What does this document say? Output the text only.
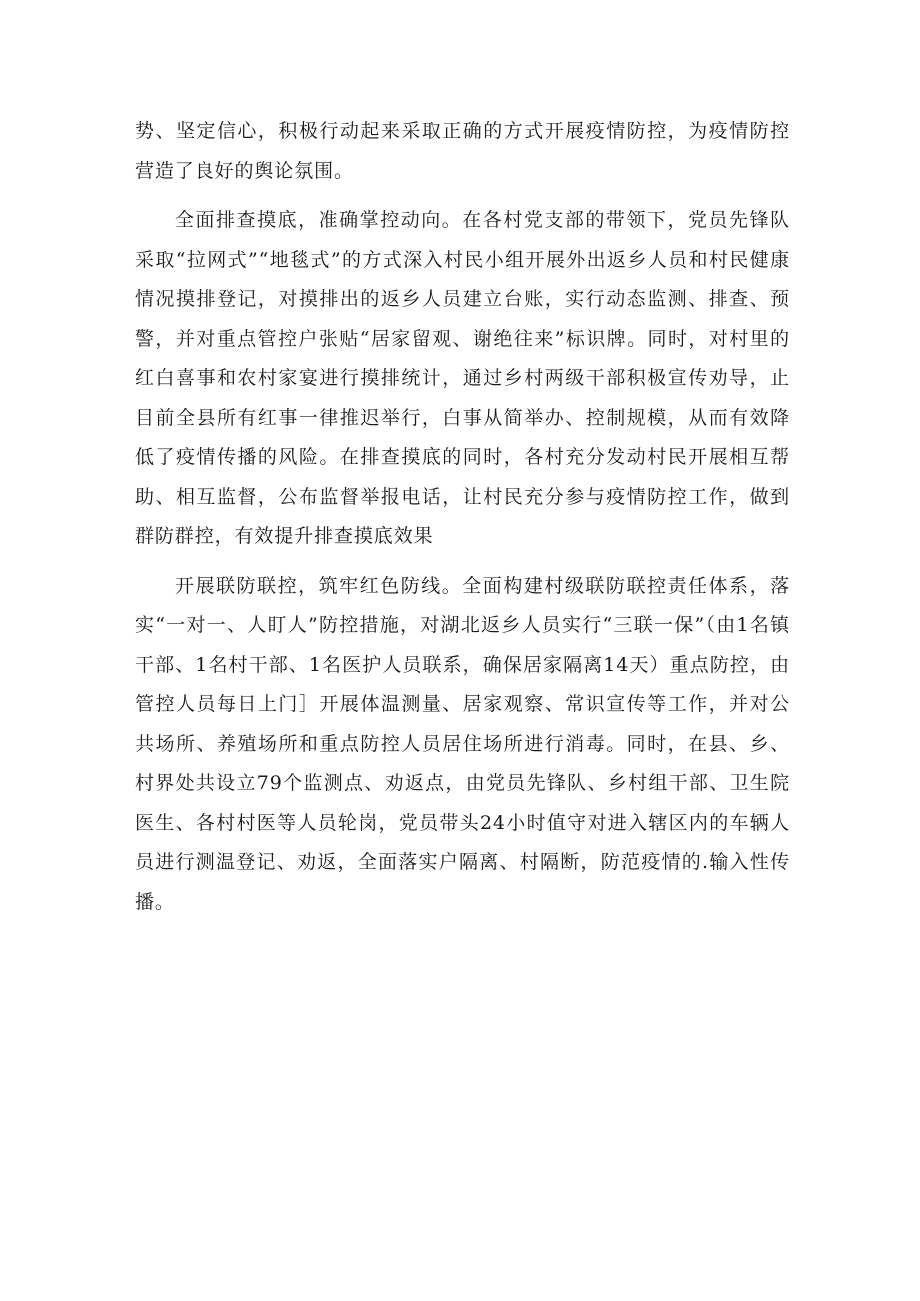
势、坚定信心，积极行动起来采取正确的方式开展疫情防控，为疫情防控营造了良好的舆论氛围。

全面排查摸底，准确掌控动向。在各村党支部的带领下，党员先锋队采取“拉网式”“地毯式”的方式深入村民小组开展外出返乡人员和村民健康情况摸排登记，对摸排出的返乡人员建立台账，实行动态监测、排查、预警，并对重点管控户张贴“居家留观、谢绝往来”标识牌。同时，对村里的红白喜事和农村家宴进行摸排统计，通过乡村两级干部积极宣传劝导，止目前全县所有红事一律推迟举行，白事从简举办、控制规模，从而有效降低了疫情传播的风险。在排查摸底的同时，各村充分发动村民开展相互帮助、相互监督，公布监督举报电话，让村民充分参与疫情防控工作，做到群防群控，有效提升排查摸底效果

开展联防联控，筑牢红色防线。全面构建村级联防联控责任体系，落实“一对一、人盯人”防控措施，对湖北返乡人员实行“三联一保”（由1名镇干部、1名村干部、1名医护人员联系，确保居家隔离14天）重点防控，由管控人员每日上门］开展体温测量、居家观察、常识宣传等工作，并对公共场所、养殖场所和重点防控人员居住场所进行消毒。同时，在县、乡、村界处共设立79个监测点、劝返点，由党员先锋队、乡村组干部、卫生院医生、各村村医等人员轮岗，党员带头24小时值守对进入辖区内的车辆人员进行测温登记、劝返，全面落实户隔离、村隔断，防范疫情的.输入性传播。
